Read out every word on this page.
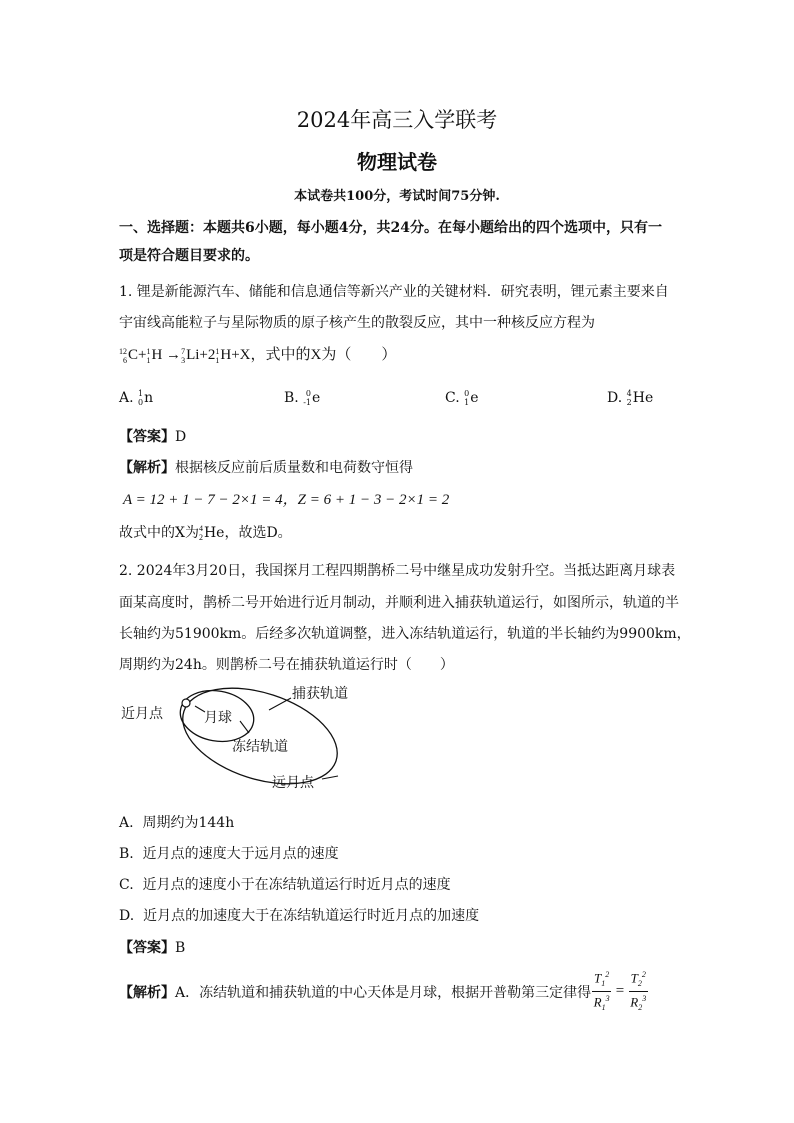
2024年高三入学联考
物理试卷
本试卷共100分，考试时间75分钟.
一、选择题：本题共6小题，每小题4分，共24分。在每小题给出的四个选项中，只有一
项是符合题目要求的。
1. 锂是新能源汽车、储能和信息通信等新兴产业的关键材料．研究表明，锂元素主要来自
宇宙线高能粒子与星际物质的原子核产生的散裂反应，其中一种核反应方程为
12
6 C+ 1
1 H → 7
3 Li+2 1
1 H+X，式中的X为（　　）
A. 1
0 n	B. 0
-1 e	C. 0
1 e	D. 4
2 He
【答案】D
【解析】根据核反应前后质量数和电荷数守恒得
A = 12 + 1 − 7 − 2×1 = 4，Z = 6 + 1 − 3 − 2×1 = 2
故式中的X为 4
2 He，故选D。
2. 2024年3月20日，我国探月工程四期鹊桥二号中继星成功发射升空。当抵达距离月球表
面某高度时，鹊桥二号开始进行近月制动，并顺利进入捕获轨道运行，如图所示，轨道的半
长轴约为51900km。后经多次轨道调整，进入冻结轨道运行，轨道的半长轴约为9900km，
周期约为24h。则鹊桥二号在捕获轨道运行时（　　）
捕获轨道
近月点	月球
冻结轨道
远月点
A. 周期约为144h
B. 近月点的速度大于远月点的速度
C. 近月点的速度小于在冻结轨道运行时近月点的速度
D. 近月点的加速度大于在冻结轨道运行时近月点的加速度
【答案】B
【解析】A．冻结轨道和捕获轨道的中心天体是月球，根据开普勒第三定律得 $\frac{T_1^2}{R_1^3} = \frac{T_2^2}{R_2^3}$
